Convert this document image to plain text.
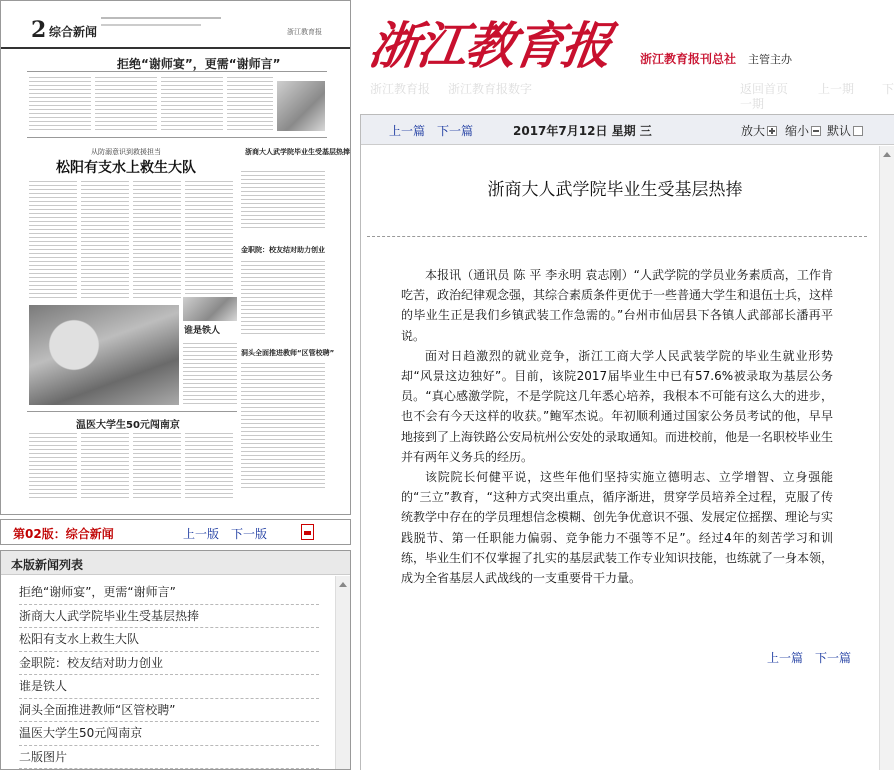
2 综合新闻	浙江教育报
拒绝“谢师宴”，更需“谢师言”
从防溺意识到救援担当
松阳有支水上救生大队
浙商大人武学院毕业生受基层热捧
金职院：校友结对助力创业
谁是铁人
洞头全面推进教师“区管校聘”
温医大学生50元闯南京
第02版：综合新闻	上一版 下一版
本版新闻列表
拒绝“谢师宴”，更需“谢师言”
浙商大人武学院毕业生受基层热捧
松阳有支水上救生大队
金职院：校友结对助力创业
谁是铁人
洞头全面推进教师“区管校聘”
温医大学生50元闯南京
二版图片
浙江教育报 浙江教育报刊总社 主管主办
浙江教育报 浙江教育报数字	返回首页 上一期 下
一期
上一篇 下一篇	2017年7月12日 星期 三	放大	缩小	默认
浙商大人武学院毕业生受基层热捧

本报讯（通讯员 陈 平 李永明 袁志刚）“人武学院的学员业务素质高，工作肯吃苦，政治纪律观念强，其综合素质条件更优于一些普通大学生和退伍士兵，这样的毕业生正是我们乡镇武装工作急需的。”台州市仙居县下各镇人武部部长潘再平说。

面对日趋激烈的就业竞争，浙江工商大学人民武装学院的毕业生就业形势却“风景这边独好”。目前，该院2017届毕业生中已有57.6%被录取为基层公务员。“真心感激学院，不是学院这几年悉心培养，我根本不可能有这么大的进步，也不会有今天这样的收获。”鲍军杰说。年初顺利通过国家公务员考试的他，早早地接到了上海铁路公安局杭州公安处的录取通知。而进校前，他是一名职校毕业生并有两年义务兵的经历。

该院院长何健平说，这些年他们坚持实施立德明志、立学增智、立身强能的“三立”教育，“这种方式突出重点，循序渐进，贯穿学员培养全过程，克服了传统教学中存在的学员理想信念模糊、创先争优意识不强、发展定位摇摆、理论与实践脱节、第一任职能力偏弱、竞争能力不强等不足”。经过4年的刻苦学习和训练，毕业生们不仅掌握了扎实的基层武装工作专业知识技能，也练就了一身本领，成为全省基层人武战线的一支重要骨干力量。

上一篇 下一篇
